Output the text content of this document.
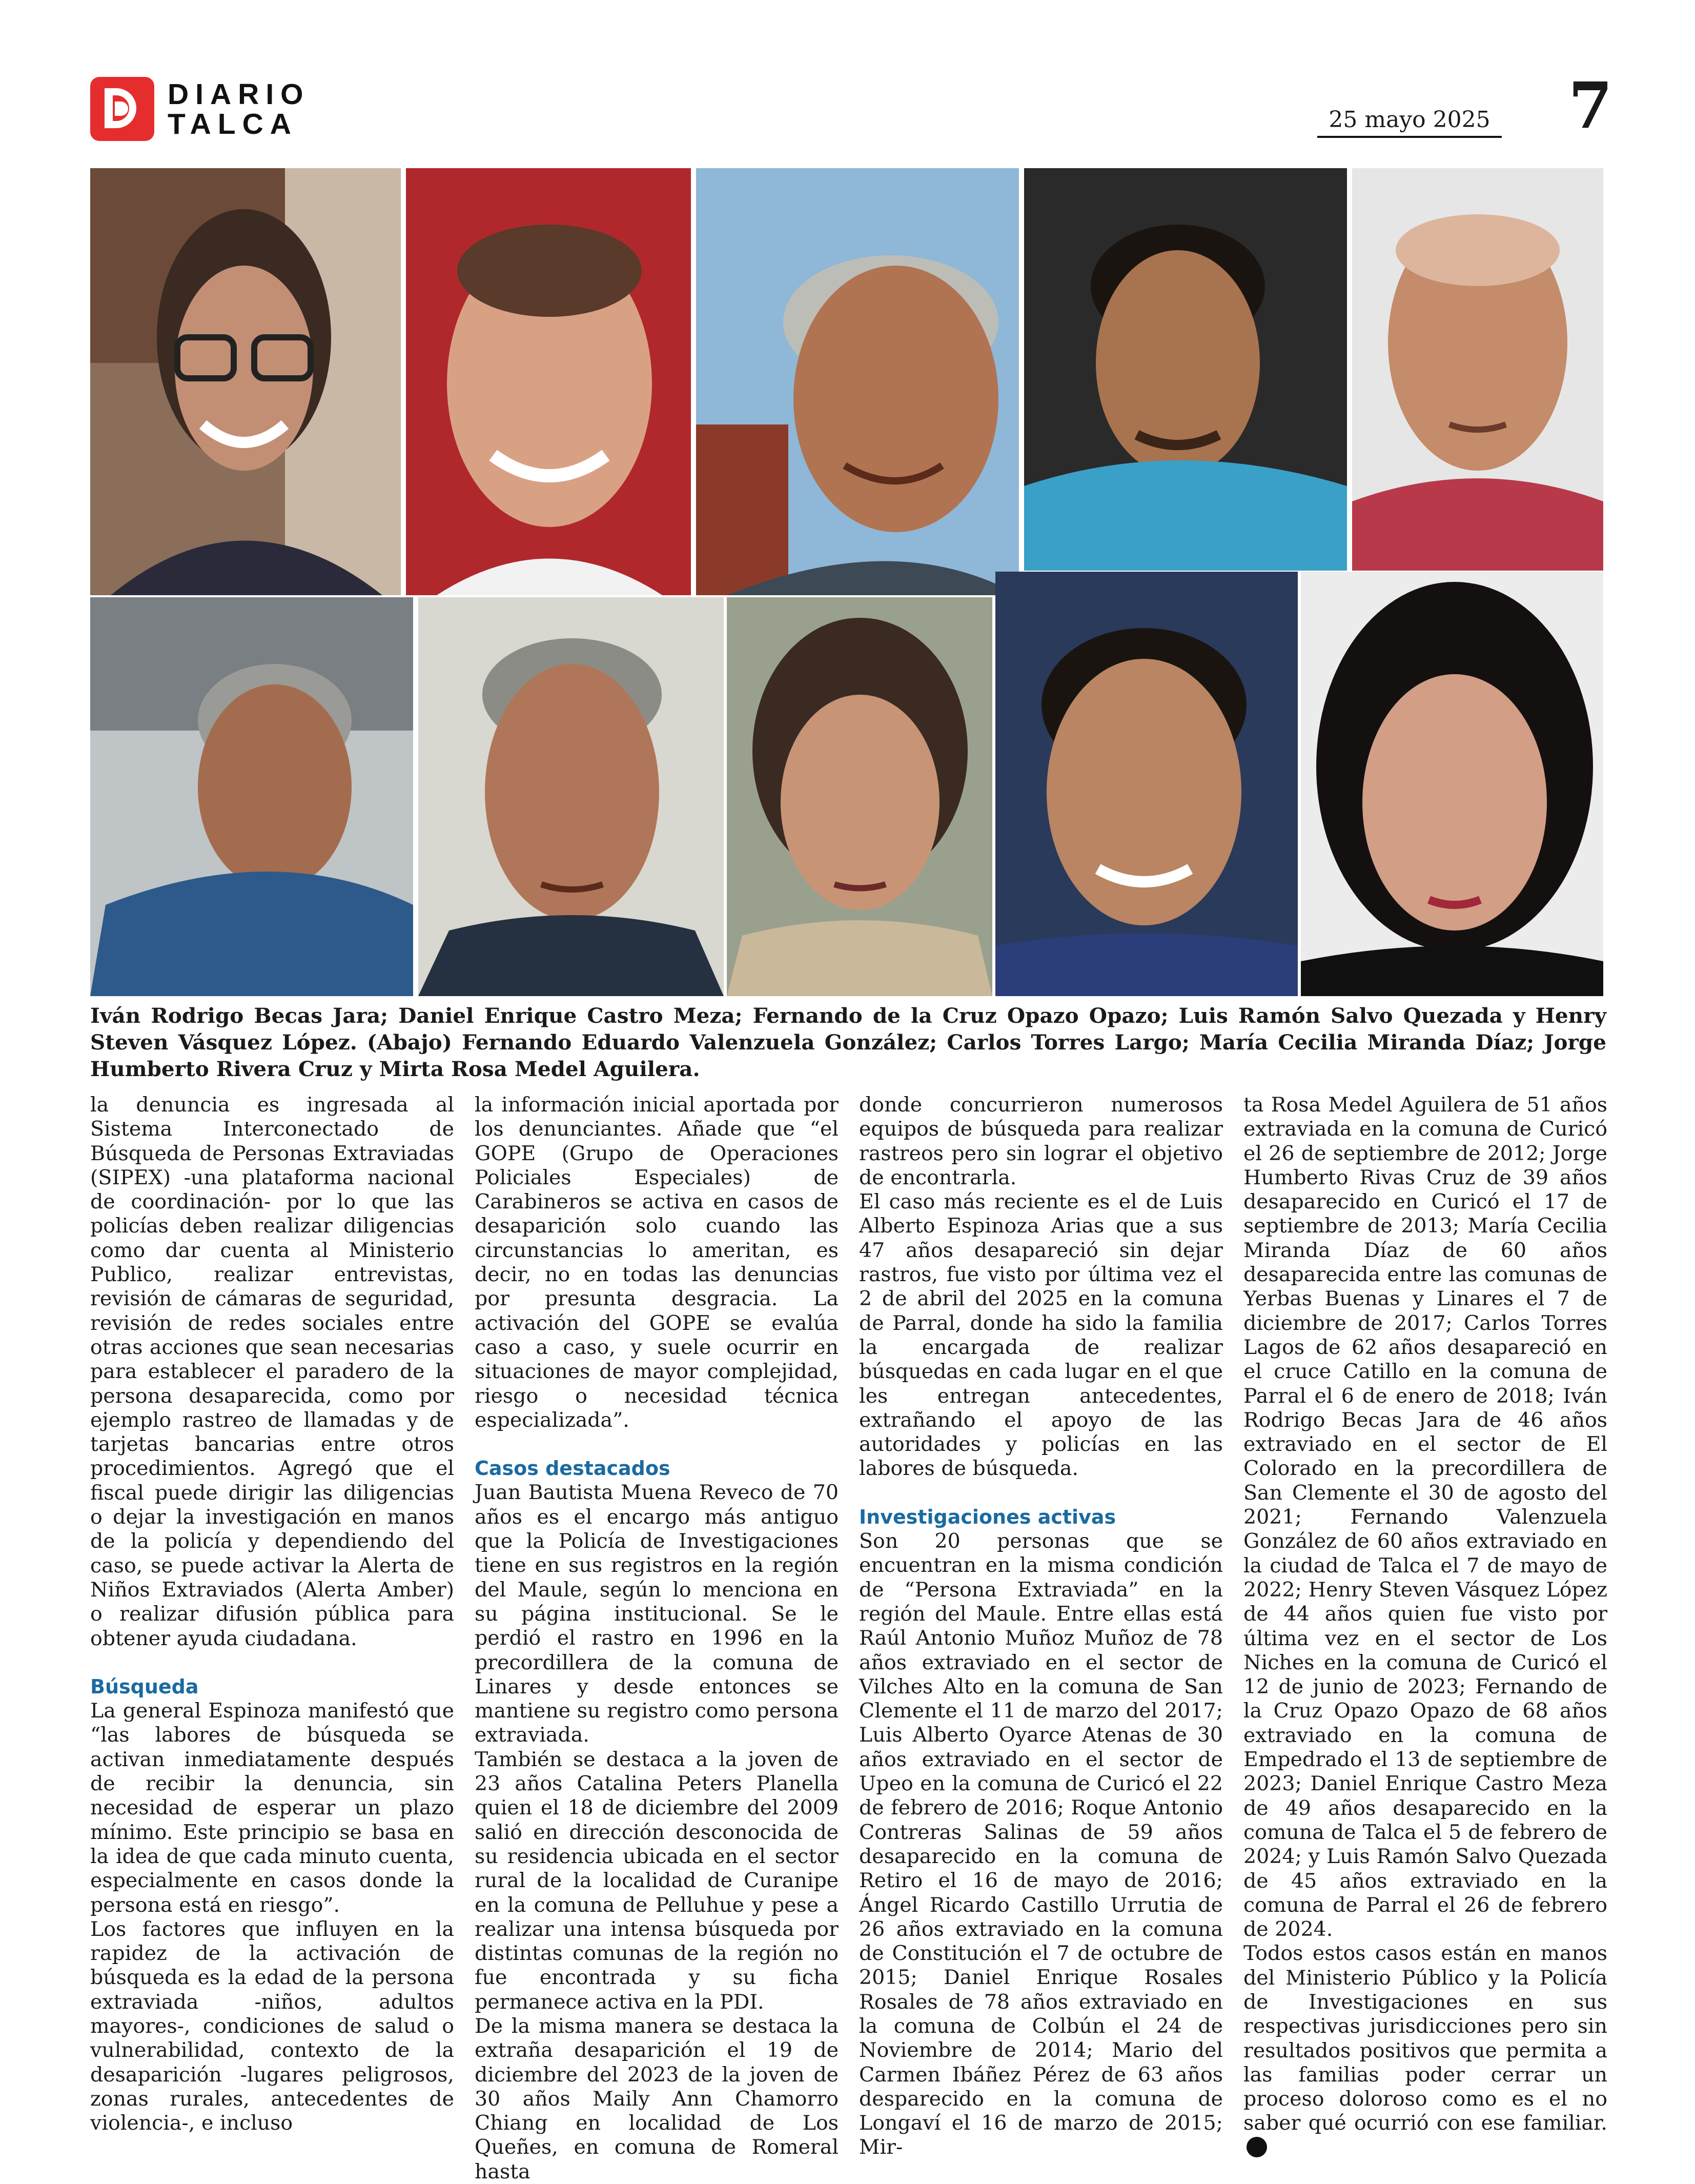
DIARIO
TALCA	25 mayo 2025 7
Iván Rodrigo Becas Jara; Daniel Enrique Castro Meza; Fernando de la Cruz Opazo Opazo; Luis Ramón Salvo Quezada y Henry Steven Vásquez López. (Abajo) Fernando Eduardo Valenzuela González; Carlos Torres Largo; María Cecilia Miranda Díaz; Jorge Humberto Rivera Cruz y Mirta Rosa Medel Aguilera.

la denuncia es ingresada al Sistema Interconectado de Búsqueda de Personas Extraviadas (SIPEX) -una plataforma nacional de coordinación- por lo que las policías deben realizar diligencias como dar cuenta al Ministerio Publico, realizar entrevistas, revisión de cámaras de seguridad, revisión de redes sociales entre otras acciones que sean necesarias para establecer el paradero de la persona desaparecida, como por ejemplo rastreo de llamadas y de tarjetas bancarias entre otros procedimientos. Agregó que el fiscal puede dirigir las diligencias o dejar la investigación en manos de la policía y dependiendo del caso, se puede activar la Alerta de Niños Extraviados (Alerta Amber) o realizar difusión pública para obtener ayuda ciudadana.

Búsqueda

La general Espinoza manifestó que “las labores de búsqueda se activan inmediatamente después de recibir la denuncia, sin necesidad de esperar un plazo mínimo. Este principio se basa en la idea de que cada minuto cuenta, especialmente en casos donde la persona está en riesgo”.

Los factores que influyen en la rapidez de la activación de búsqueda es la edad de la persona extraviada -niños, adultos mayores-, condiciones de salud o vulnerabilidad, contexto de la desaparición -lugares peligrosos, zonas rurales, antecedentes de violencia-, e incluso

la información inicial aportada por los denunciantes. Añade que “el GOPE (Grupo de Operaciones Policiales Especiales) de Carabineros se activa en casos de desaparición solo cuando las circunstancias lo ameritan, es decir, no en todas las denuncias por presunta desgracia. La activación del GOPE se evalúa caso a caso, y suele ocurrir en situaciones de mayor complejidad, riesgo o necesidad técnica especializada”.

Casos destacados

Juan Bautista Muena Reveco de 70 años es el encargo más antiguo que la Policía de Investigaciones tiene en sus registros en la región del Maule, según lo menciona en su página institucional. Se le perdió el rastro en 1996 en la precordillera de la comuna de Linares y desde entonces se mantiene su registro como persona extraviada.

También se destaca a la joven de 23 años Catalina Peters Planella quien el 18 de diciembre del 2009 salió en dirección desconocida de su residencia ubicada en el sector rural de la localidad de Curanipe en la comuna de Pelluhue y pese a realizar una intensa búsqueda por distintas comunas de la región no fue encontrada y su ficha permanece activa en la PDI.

De la misma manera se destaca la extraña desaparición el 19 de diciembre del 2023 de la joven de 30 años Maily Ann Chamorro Chiang en localidad de Los Queñes, en comuna de Romeral hasta

donde concurrieron numerosos equipos de búsqueda para realizar rastreos pero sin lograr el objetivo de encontrarla.

El caso más reciente es el de Luis Alberto Espinoza Arias que a sus 47 años desapareció sin dejar rastros, fue visto por última vez el 2 de abril del 2025 en la comuna de Parral, donde ha sido la familia la encargada de realizar búsquedas en cada lugar en el que les entregan antecedentes, extrañando el apoyo de las autoridades y policías en las labores de búsqueda.

Investigaciones activas

Son 20 personas que se encuentran en la misma condición de “Persona Extraviada” en la región del Maule. Entre ellas está Raúl Antonio Muñoz Muñoz de 78 años extraviado en el sector de Vilches Alto en la comuna de San Clemente el 11 de marzo del 2017; Luis Alberto Oyarce Atenas de 30 años extraviado en el sector de Upeo en la comuna de Curicó el 22 de febrero de 2016; Roque Antonio Contreras Salinas de 59 años desaparecido en la comuna de Retiro el 16 de mayo de 2016; Ángel Ricardo Castillo Urrutia de 26 años extraviado en la comuna de Constitución el 7 de octubre de 2015; Daniel Enrique Rosales Rosales de 78 años extraviado en la comuna de Colbún el 24 de Noviembre de 2014; Mario del Carmen Ibáñez Pérez de 63 años desparecido en la comuna de Longaví el 16 de marzo de 2015; Mir-

ta Rosa Medel Aguilera de 51 años extraviada en la comuna de Curicó el 26 de septiembre de 2012; Jorge Humberto Rivas Cruz de 39 años desaparecido en Curicó el 17 de septiembre de 2013; María Cecilia Miranda Díaz de 60 años desaparecida entre las comunas de Yerbas Buenas y Linares el 7 de diciembre de 2017; Carlos Torres Lagos de 62 años desapareció en el cruce Catillo en la comuna de Parral el 6 de enero de 2018; Iván Rodrigo Becas Jara de 46 años extraviado en el sector de El Colorado en la precordillera de San Clemente el 30 de agosto del 2021; Fernando Valenzuela González de 60 años extraviado en la ciudad de Talca el 7 de mayo de 2022; Henry Steven Vásquez López de 44 años quien fue visto por última vez en el sector de Los Niches en la comuna de Curicó el 12 de junio de 2023; Fernando de la Cruz Opazo Opazo de 68 años extraviado en la comuna de Empedrado el 13 de septiembre de 2023; Daniel Enrique Castro Meza de 49 años desaparecido en la comuna de Talca el 5 de febrero de 2024; y Luis Ramón Salvo Quezada de 45 años extraviado en la comuna de Parral el 26 de febrero de 2024.

Todos estos casos están en manos del Ministerio Público y la Policía de Investigaciones en sus respectivas jurisdicciones pero sin resultados positivos que permita a las familias poder cerrar un proceso doloroso como es el no saber qué ocurrió con ese familiar.
